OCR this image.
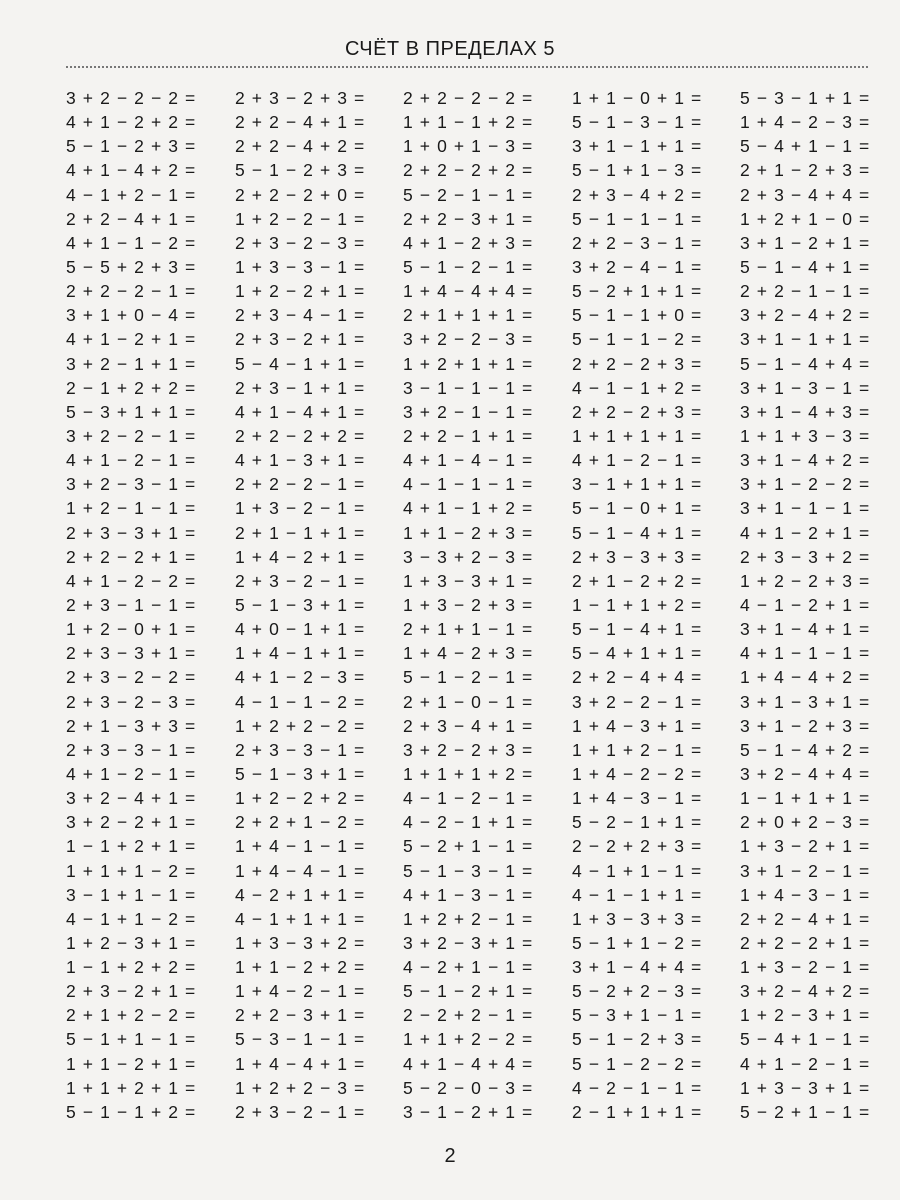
СЧЁТ В ПРЕДЕЛАХ 5
3 + 2 − 2 − 2 =
4 + 1 − 2 + 2 =
5 − 1 − 2 + 3 =
4 + 1 − 4 + 2 =
4 − 1 + 2 − 1 =
2 + 2 − 4 + 1 =
4 + 1 − 1 − 2 =
5 − 5 + 2 + 3 =
2 + 2 − 2 − 1 =
3 + 1 + 0 − 4 =
4 + 1 − 2 + 1 =
3 + 2 − 1 + 1 =
2 − 1 + 2 + 2 =
5 − 3 + 1 + 1 =
3 + 2 − 2 − 1 =
4 + 1 − 2 − 1 =
3 + 2 − 3 − 1 =
1 + 2 − 1 − 1 =
2 + 3 − 3 + 1 =
2 + 2 − 2 + 1 =
4 + 1 − 2 − 2 =
2 + 3 − 1 − 1 =
1 + 2 − 0 + 1 =
2 + 3 − 3 + 1 =
2 + 3 − 2 − 2 =
2 + 3 − 2 − 3 =
2 + 1 − 3 + 3 =
2 + 3 − 3 − 1 =
4 + 1 − 2 − 1 =
3 + 2 − 4 + 1 =
3 + 2 − 2 + 1 =
1 − 1 + 2 + 1 =
1 + 1 + 1 − 2 =
3 − 1 + 1 − 1 =
4 − 1 + 1 − 2 =
1 + 2 − 3 + 1 =
1 − 1 + 2 + 2 =
2 + 3 − 2 + 1 =
2 + 1 + 2 − 2 =
5 − 1 + 1 − 1 =
1 + 1 − 2 + 1 =
1 + 1 + 2 + 1 =
5 − 1 − 1 + 2 =
2 + 3 − 2 + 3 =
2 + 2 − 4 + 1 =
2 + 2 − 4 + 2 =
5 − 1 − 2 + 3 =
2 + 2 − 2 + 0 =
1 + 2 − 2 − 1 =
2 + 3 − 2 − 3 =
1 + 3 − 3 − 1 =
1 + 2 − 2 + 1 =
2 + 3 − 4 − 1 =
2 + 3 − 2 + 1 =
5 − 4 − 1 + 1 =
2 + 3 − 1 + 1 =
4 + 1 − 4 + 1 =
2 + 2 − 2 + 2 =
4 + 1 − 3 + 1 =
2 + 2 − 2 − 1 =
1 + 3 − 2 − 1 =
2 + 1 − 1 + 1 =
1 + 4 − 2 + 1 =
2 + 3 − 2 − 1 =
5 − 1 − 3 + 1 =
4 + 0 − 1 + 1 =
1 + 4 − 1 + 1 =
4 + 1 − 2 − 3 =
4 − 1 − 1 − 2 =
1 + 2 + 2 − 2 =
2 + 3 − 3 − 1 =
5 − 1 − 3 + 1 =
1 + 2 − 2 + 2 =
2 + 2 + 1 − 2 =
1 + 4 − 1 − 1 =
1 + 4 − 4 − 1 =
4 − 2 + 1 + 1 =
4 − 1 + 1 + 1 =
1 + 3 − 3 + 2 =
1 + 1 − 2 + 2 =
1 + 4 − 2 − 1 =
2 + 2 − 3 + 1 =
5 − 3 − 1 − 1 =
1 + 4 − 4 + 1 =
1 + 2 + 2 − 3 =
2 + 3 − 2 − 1 =
2 + 2 − 2 − 2 =
1 + 1 − 1 + 2 =
1 + 0 + 1 − 3 =
2 + 2 − 2 + 2 =
5 − 2 − 1 − 1 =
2 + 2 − 3 + 1 =
4 + 1 − 2 + 3 =
5 − 1 − 2 − 1 =
1 + 4 − 4 + 4 =
2 + 1 + 1 + 1 =
3 + 2 − 2 − 3 =
1 + 2 + 1 + 1 =
3 − 1 − 1 − 1 =
3 + 2 − 1 − 1 =
2 + 2 − 1 + 1 =
4 + 1 − 4 − 1 =
4 − 1 − 1 − 1 =
4 + 1 − 1 + 2 =
1 + 1 − 2 + 3 =
3 − 3 + 2 − 3 =
1 + 3 − 3 + 1 =
1 + 3 − 2 + 3 =
2 + 1 + 1 − 1 =
1 + 4 − 2 + 3 =
5 − 1 − 2 − 1 =
2 + 1 − 0 − 1 =
2 + 3 − 4 + 1 =
3 + 2 − 2 + 3 =
1 + 1 + 1 + 2 =
4 − 1 − 2 − 1 =
4 − 2 − 1 + 1 =
5 − 2 + 1 − 1 =
5 − 1 − 3 − 1 =
4 + 1 − 3 − 1 =
1 + 2 + 2 − 1 =
3 + 2 − 3 + 1 =
4 − 2 + 1 − 1 =
5 − 1 − 2 + 1 =
2 − 2 + 2 − 1 =
1 + 1 + 2 − 2 =
4 + 1 − 4 + 4 =
5 − 2 − 0 − 3 =
3 − 1 − 2 + 1 =
1 + 1 − 0 + 1 =
5 − 1 − 3 − 1 =
3 + 1 − 1 + 1 =
5 − 1 + 1 − 3 =
2 + 3 − 4 + 2 =
5 − 1 − 1 − 1 =
2 + 2 − 3 − 1 =
3 + 2 − 4 − 1 =
5 − 2 + 1 + 1 =
5 − 1 − 1 + 0 =
5 − 1 − 1 − 2 =
2 + 2 − 2 + 3 =
4 − 1 − 1 + 2 =
2 + 2 − 2 + 3 =
1 + 1 + 1 + 1 =
4 + 1 − 2 − 1 =
3 − 1 + 1 + 1 =
5 − 1 − 0 + 1 =
5 − 1 − 4 + 1 =
2 + 3 − 3 + 3 =
2 + 1 − 2 + 2 =
1 − 1 + 1 + 2 =
5 − 1 − 4 + 1 =
5 − 4 + 1 + 1 =
2 + 2 − 4 + 4 =
3 + 2 − 2 − 1 =
1 + 4 − 3 + 1 =
1 + 1 + 2 − 1 =
1 + 4 − 2 − 2 =
1 + 4 − 3 − 1 =
5 − 2 − 1 + 1 =
2 − 2 + 2 + 3 =
4 − 1 + 1 − 1 =
4 − 1 − 1 + 1 =
1 + 3 − 3 + 3 =
5 − 1 + 1 − 2 =
3 + 1 − 4 + 4 =
5 − 2 + 2 − 3 =
5 − 3 + 1 − 1 =
5 − 1 − 2 + 3 =
5 − 1 − 2 − 2 =
4 − 2 − 1 − 1 =
2 − 1 + 1 + 1 =
5 − 3 − 1 + 1 =
1 + 4 − 2 − 3 =
5 − 4 + 1 − 1 =
2 + 1 − 2 + 3 =
2 + 3 − 4 + 4 =
1 + 2 + 1 − 0 =
3 + 1 − 2 + 1 =
5 − 1 − 4 + 1 =
2 + 2 − 1 − 1 =
3 + 2 − 4 + 2 =
3 + 1 − 1 + 1 =
5 − 1 − 4 + 4 =
3 + 1 − 3 − 1 =
3 + 1 − 4 + 3 =
1 + 1 + 3 − 3 =
3 + 1 − 4 + 2 =
3 + 1 − 2 − 2 =
3 + 1 − 1 − 1 =
4 + 1 − 2 + 1 =
2 + 3 − 3 + 2 =
1 + 2 − 2 + 3 =
4 − 1 − 2 + 1 =
3 + 1 − 4 + 1 =
4 + 1 − 1 − 1 =
1 + 4 − 4 + 2 =
3 + 1 − 3 + 1 =
3 + 1 − 2 + 3 =
5 − 1 − 4 + 2 =
3 + 2 − 4 + 4 =
1 − 1 + 1 + 1 =
2 + 0 + 2 − 3 =
1 + 3 − 2 + 1 =
3 + 1 − 2 − 1 =
1 + 4 − 3 − 1 =
2 + 2 − 4 + 1 =
2 + 2 − 2 + 1 =
1 + 3 − 2 − 1 =
3 + 2 − 4 + 2 =
1 + 2 − 3 + 1 =
5 − 4 + 1 − 1 =
4 + 1 − 2 − 1 =
1 + 3 − 3 + 1 =
5 − 2 + 1 − 1 =
2
